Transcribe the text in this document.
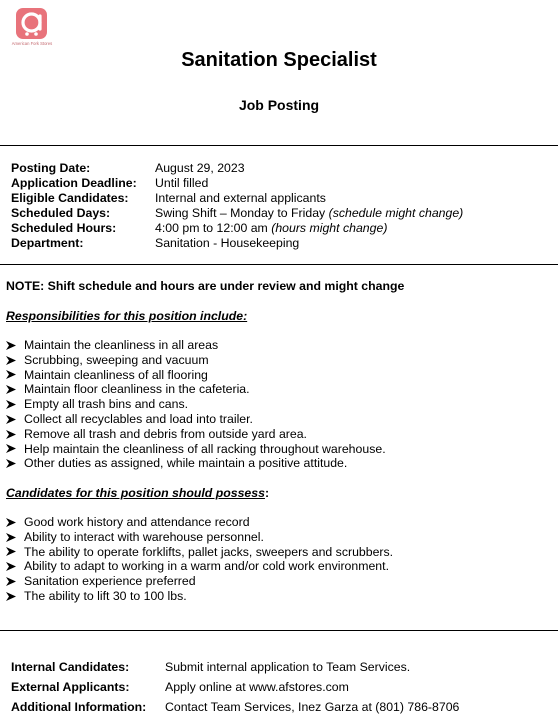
American Fork Stores
Sanitation Specialist
Job Posting
Posting Date:	August 29, 2023
Application Deadline:	Until filled
Eligible Candidates:	Internal and external applicants
Scheduled Days:	Swing Shift – Monday to Friday (schedule might change)
Scheduled Hours:	4:00 pm to 12:00 am (hours might change)
Department:	Sanitation - Housekeeping
NOTE: Shift schedule and hours are under review and might change
Responsibilities for this position include:
Maintain the cleanliness in all areas
Scrubbing, sweeping and vacuum
Maintain cleanliness of all flooring
Maintain floor cleanliness in the cafeteria.
Empty all trash bins and cans.
Collect all recyclables and load into trailer.
Remove all trash and debris from outside yard area.
Help maintain the cleanliness of all racking throughout warehouse.
Other duties as assigned, while maintain a positive attitude.
Candidates for this position should possess:
Good work history and attendance record
Ability to interact with warehouse personnel.
The ability to operate forklifts, pallet jacks, sweepers and scrubbers.
Ability to adapt to working in a warm and/or cold work environment.
Sanitation experience preferred
The ability to lift 30 to 100 lbs.
Internal Candidates:	Submit internal application to Team Services.
External Applicants:	Apply online at www.afstores.com
Additional Information:	Contact Team Services, Inez Garza at (801) 786-8706
